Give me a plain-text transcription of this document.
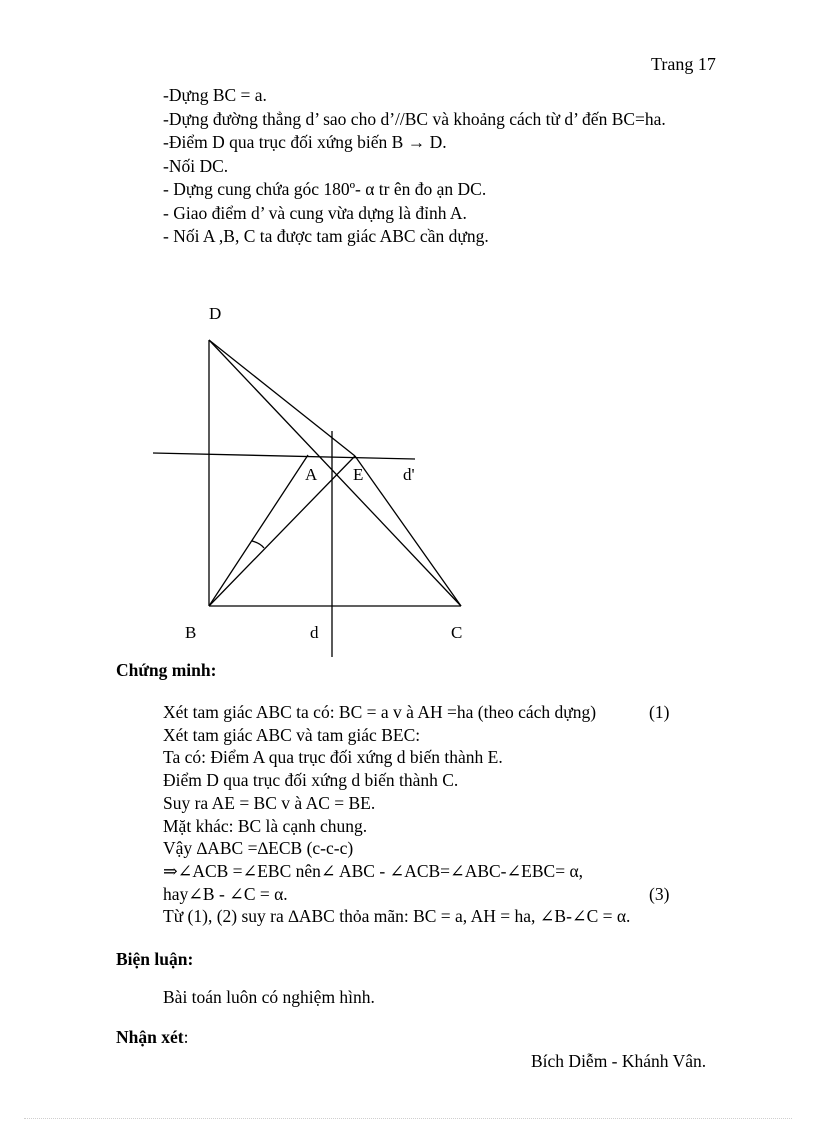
Trang 17
-Dựng BC = a.
-Dựng đường thẳng d’ sao cho d’//BC và khoảng cách từ d’ đến BC=ha.
-Điểm D qua trục đối xứng biến B → D.
-Nối DC.
- Dựng cung chứa góc 180º- α tr ên đo ạn DC.
- Giao điểm d’ và cung vừa dựng là đỉnh A.
- Nối A ,B, C ta được tam giác ABC cần dựng.
D
A E d'
B	d	C
Chứng minh:
Xét tam giác ABC ta có: BC = a v à AH =ha (theo cách dựng)	(1)
Xét tam giác ABC và tam giác BEC:
Ta có: Điểm A qua trục đối xứng d biến thành E.
Điểm D qua trục đối xứng d biến thành C.
Suy ra AE = BC v à AC = BE.
Mặt khác: BC là cạnh chung.
Vậy ∆ABC =∆ECB (c-c-c)
⇒∠ACB =∠EBC nên∠ ABC - ∠ACB=∠ABC-∠EBC= α,
hay∠B - ∠C = α.	(3)
Từ (1), (2) suy ra ∆ABC thỏa mãn: BC = a, AH = ha, ∠B-∠C = α.
Biện luận:
Bài toán luôn có nghiệm hình.
Nhận xét:
Bích Diễm - Khánh Vân.
